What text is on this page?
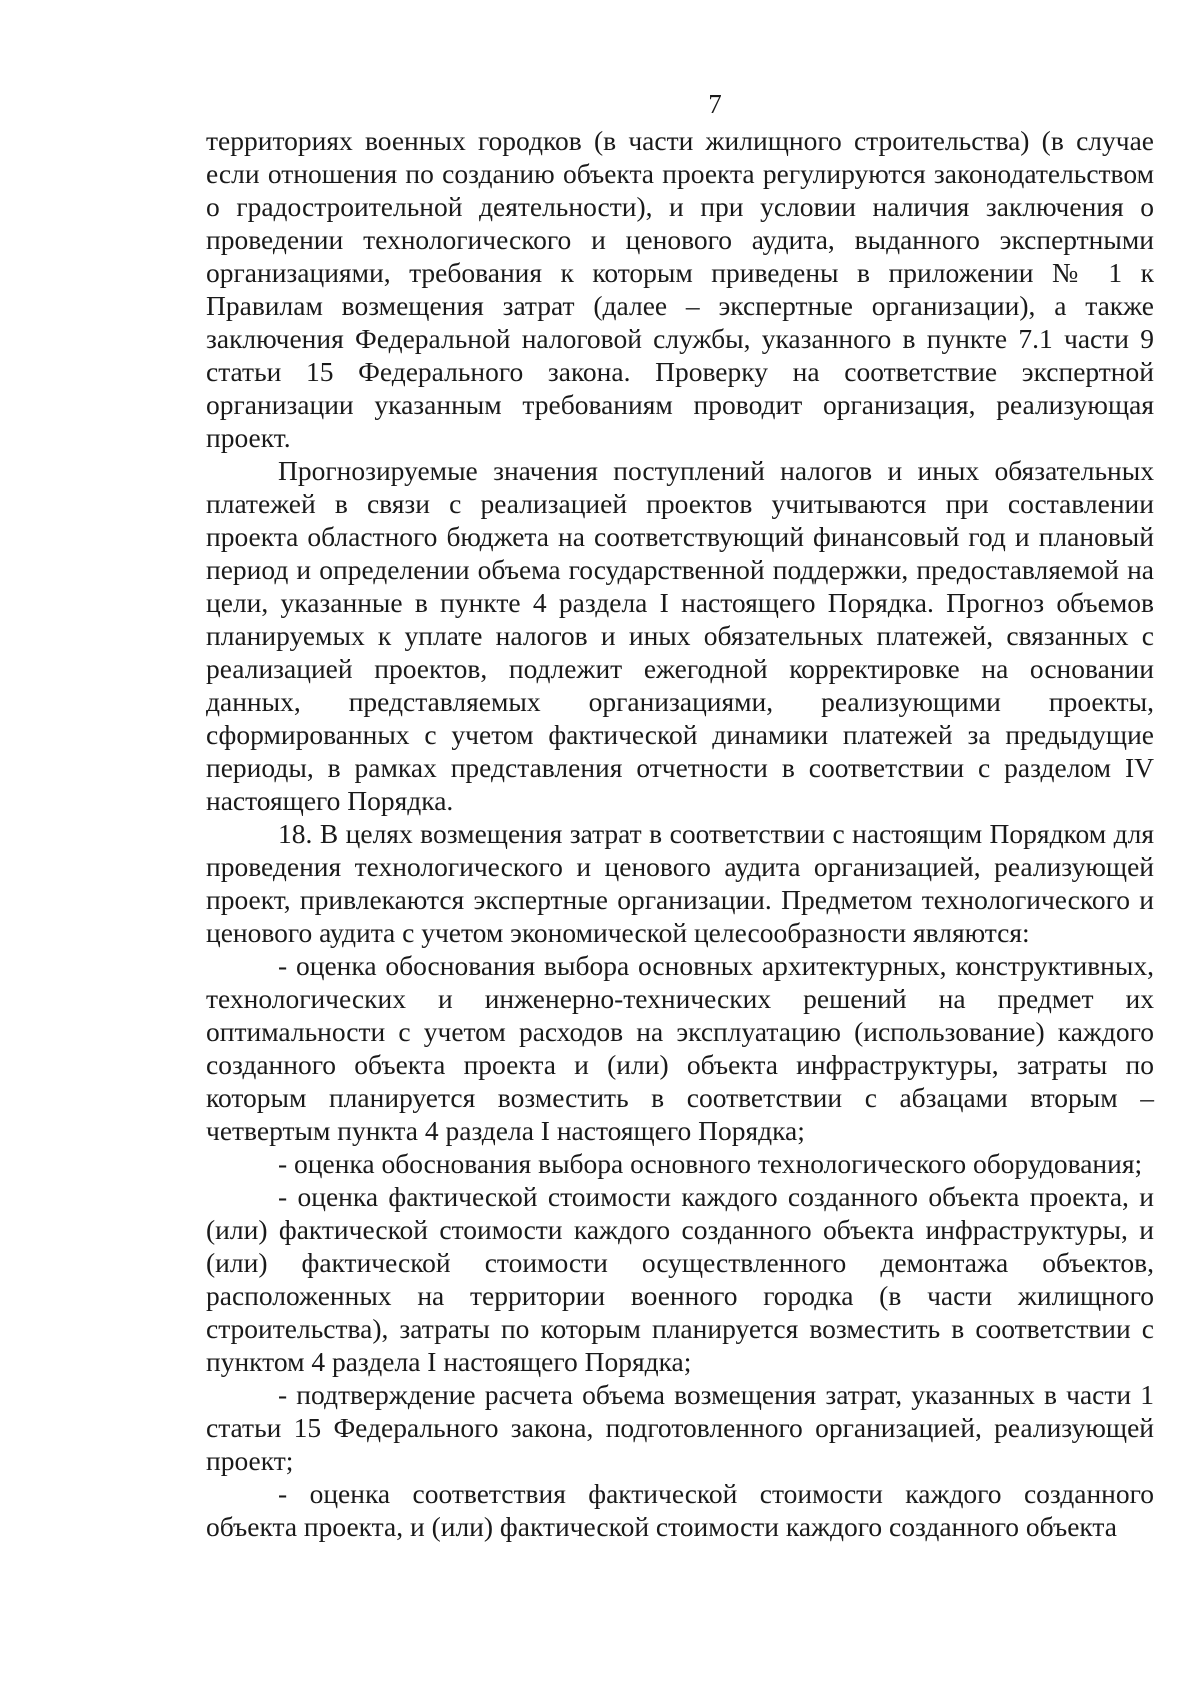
7

территориях военных городков (в части жилищного строительства) (в случае если отношения по созданию объекта проекта регулируются законодательством о градостроительной деятельности), и при условии наличия заключения о проведении технологического и ценового аудита, выданного экспертными организациями, требования к которым приведены в приложении № 1 к Правилам возмещения затрат (далее – экспертные организации), а также заключения Федеральной налоговой службы, указанного в пункте 7.1 части 9 статьи 15 Федерального закона. Проверку на соответствие экспертной организации указанным требованиям проводит организация, реализующая проект.

Прогнозируемые значения поступлений налогов и иных обязательных платежей в связи с реализацией проектов учитываются при составлении проекта областного бюджета на соответствующий финансовый год и плановый период и определении объема государственной поддержки, предоставляемой на цели, указанные в пункте 4 раздела I настоящего Порядка. Прогноз объемов планируемых к уплате налогов и иных обязательных платежей, связанных с реализацией проектов, подлежит ежегодной корректировке на основании данных, представляемых организациями, реализующими проекты, сформированных с учетом фактической динамики платежей за предыдущие периоды, в рамках представления отчетности в соответствии с разделом IV настоящего Порядка.

18. В целях возмещения затрат в соответствии с настоящим Порядком для проведения технологического и ценового аудита организацией, реализующей проект, привлекаются экспертные организации. Предметом технологического и ценового аудита с учетом экономической целесообразности являются:

- оценка обоснования выбора основных архитектурных, конструктивных, технологических и инженерно-технических решений на предмет их оптимальности с учетом расходов на эксплуатацию (использование) каждого созданного объекта проекта и (или) объекта инфраструктуры, затраты по которым планируется возместить в соответствии с абзацами вторым – четвертым пункта 4 раздела I настоящего Порядка;

- оценка обоснования выбора основного технологического оборудования;

- оценка фактической стоимости каждого созданного объекта проекта, и (или) фактической стоимости каждого созданного объекта инфраструктуры, и (или) фактической стоимости осуществленного демонтажа объектов, расположенных на территории военного городка (в части жилищного строительства), затраты по которым планируется возместить в соответствии с пунктом 4 раздела I настоящего Порядка;

- подтверждение расчета объема возмещения затрат, указанных в части 1 статьи 15 Федерального закона, подготовленного организацией, реализующей проект;

- оценка соответствия фактической стоимости каждого созданного объекта проекта, и (или) фактической стоимости каждого созданного объекта
